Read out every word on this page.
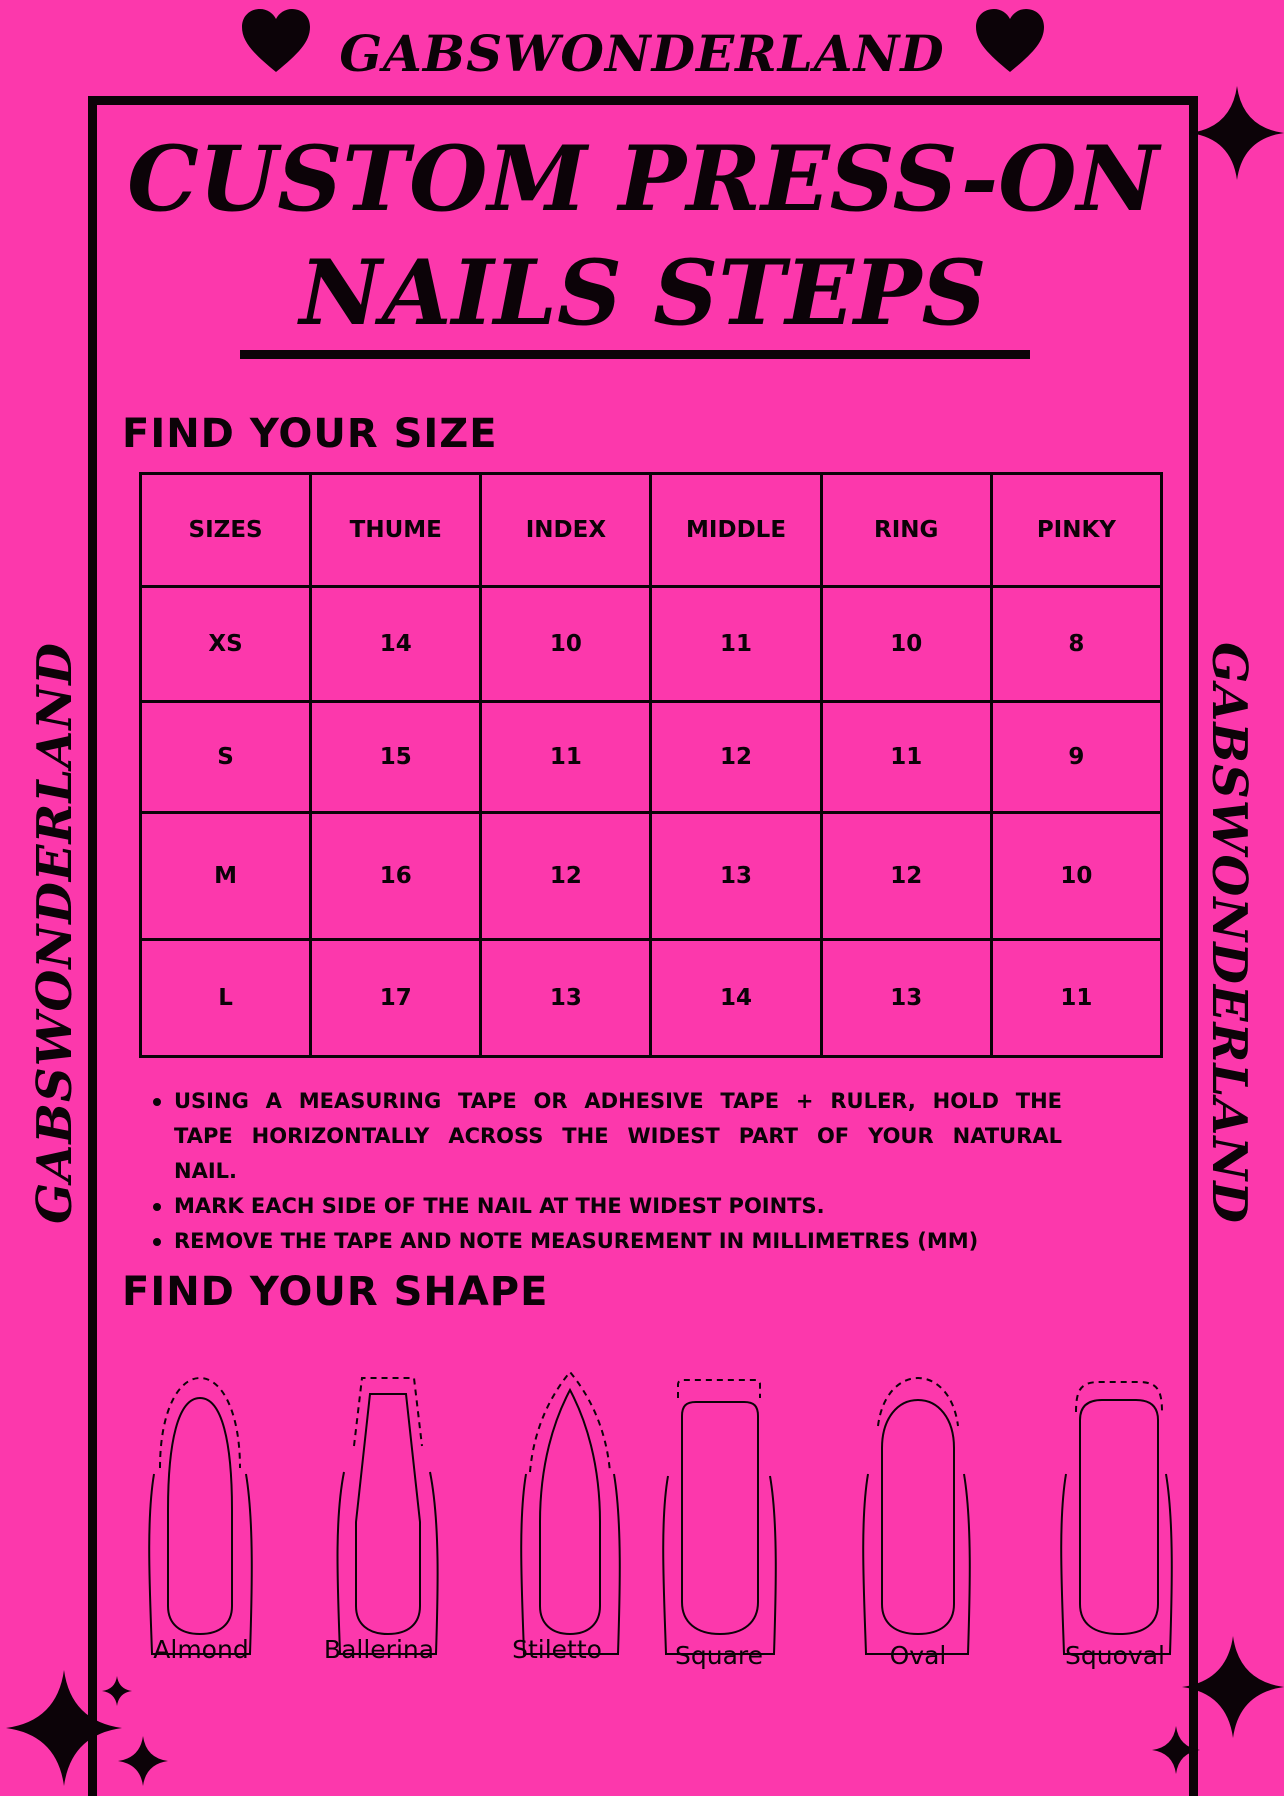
GABSWONDERLAND
GABSWONDERLAND	GABSWONDERLAND
CUSTOM PRESS-ON
NAILS STEPS
FIND YOUR SIZE
SIZES	THUME	INDEX	MIDDLE	RING	PINKY
XS	14	10	11	10	8
S	15	11	12	11	9
M	16	12	13	12	10
L	17	13	14	13	11
USING A MEASURING TAPE OR ADHESIVE TAPE + RULER, HOLD THE TAPE HORIZONTALLY ACROSS THE WIDEST PART OF YOUR NATURAL NAIL.
MARK EACH SIDE OF THE NAIL AT THE WIDEST POINTS.
REMOVE THE TAPE AND NOTE MEASUREMENT IN MILLIMETRES (MM)
FIND YOUR SHAPE
Almond	Ballerina	Stiletto	Square	Oval	Squoval
